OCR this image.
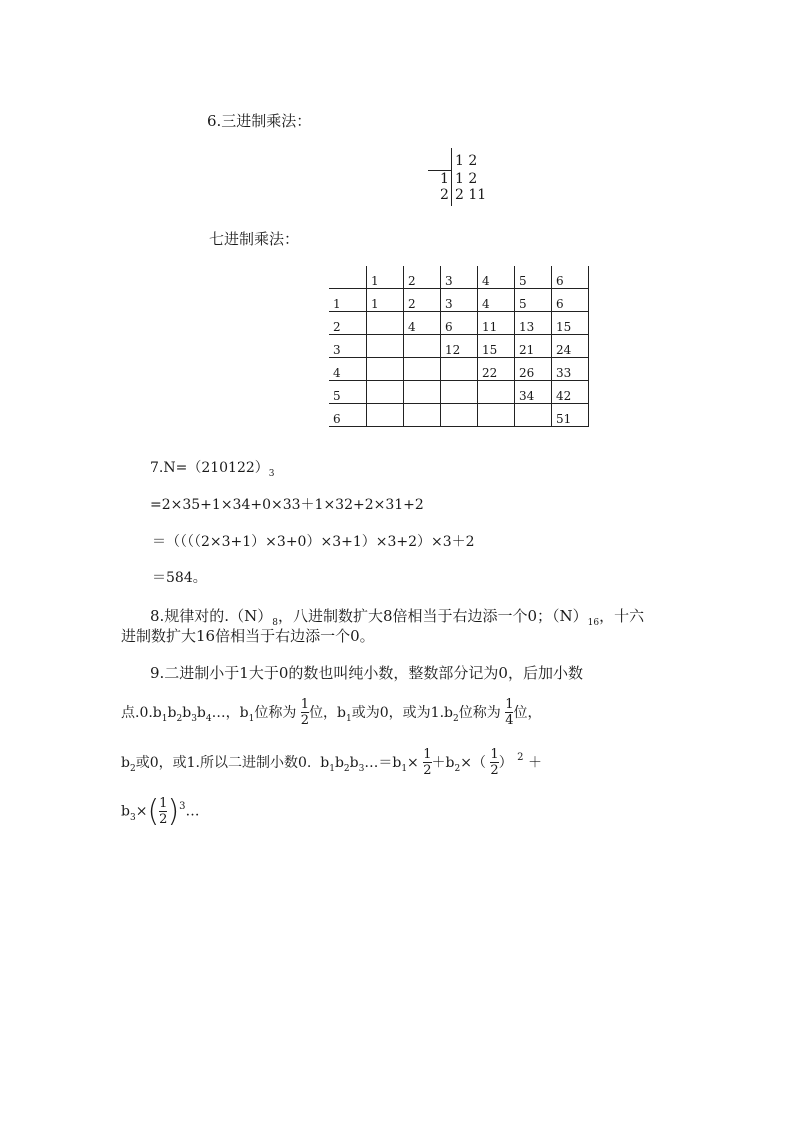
6.三进制乘法：
1 2
1 1 2
2 2 11
七进制乘法：
	1	2	3	4	5	6
1	1	2	3	4	5	6
2		4	6	11	13	15
3			12	15	21	24
4				22	26	33
5					34	42
6						51
$7.N=(210122)_3$
=2×35+1×34+0×33＋1×32+2×31+2
＝（（（（2×3+1）×3+0）×3+1）×3+2）×3＋2
＝584。
8.规律对的$.(N)_8$，八进制数扩大8倍相当于右边添一个0；$(N)_{16}$，十六
进制数扩大16倍相当于右边添一个0。
9.二进制小于1大于0的数也叫纯小数，整数部分记为0，后加小数
点$.0.b_1b_2b_3b_4\dots$，$b_1$位称为 $\frac{1}{2}$ 位，$b_1$或为0，或为$1.b_2$位称为 $\frac{1}{4}$ 位，
$b_2$或0，或1.所以二进制小数0. $b_1b_2b_3\dots=b_1\times \frac{1}{2} +b_2\times( \frac{1}{2}$ ） $^2$ ＋
$b_3\times( \frac{1}{2}$ )$^3\dots$
